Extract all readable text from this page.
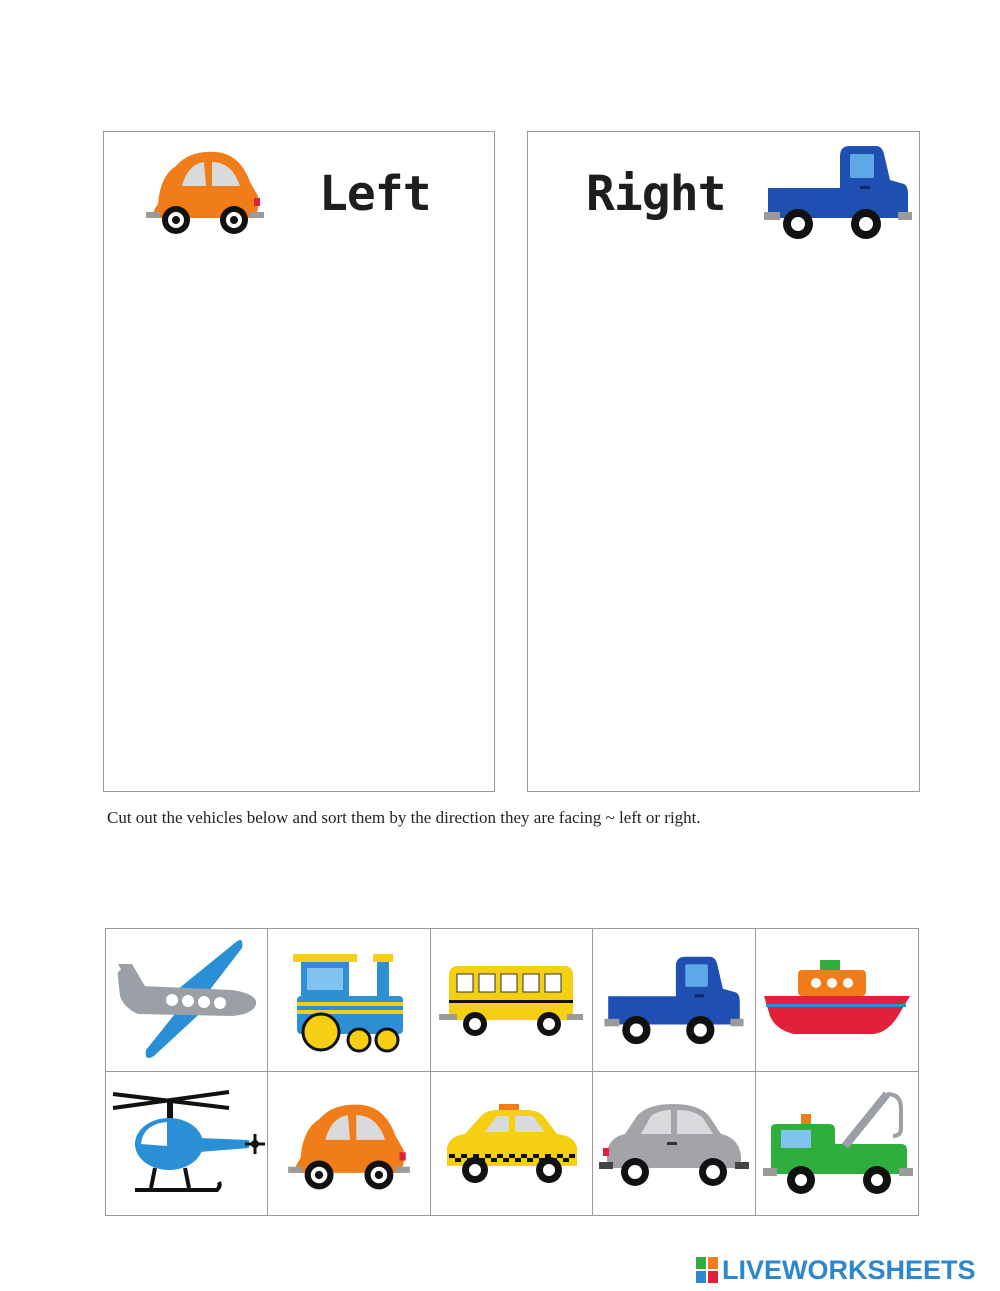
Left	Right
Cut out the vehicles below and sort them by the direction they are facing ~ left or right.
LIVEWORKSHEETS
